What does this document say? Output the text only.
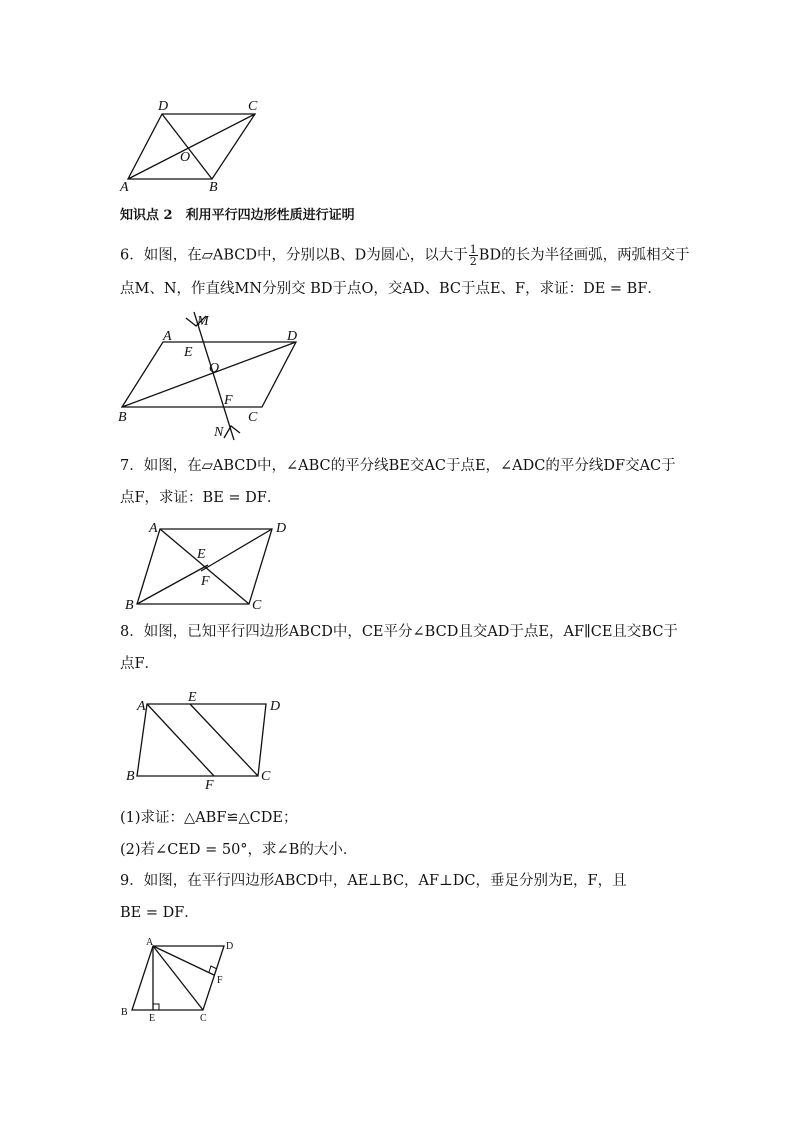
D	C
O
A	B
知识点 2　利用平行四边形性质进行证明
6．如图，在▱ABCD中，分别以B、D为圆心，以大于 $\frac{1}{2}$ BD的长为半径画弧，两弧相交于
点M、N，作直线MN分别交 BD于点O，交AD、BC于点E、F，求证：DE = BF．
A
M
D
E
O
B
F
C
N
7．如图，在▱ABCD中，∠ABC的平分线BE交AC于点E，∠ADC的平分线DF交AC于
点F，求证：BE = DF．
A	D
E
F
B	C
8．如图，已知平行四边形ABCD中，CE平分∠BCD且交AD于点E，AF∥CE且交BC于
点F．
A
E
D
B
F
C
(1)求证：△ABF≌△CDE；
(2)若∠CED = 50°，求∠B的大小．
9．如图，在平行四边形ABCD中，AE⊥BC，AF⊥DC，垂足分别为E，F，且
BE = DF．
A	D
F
B
E	C
